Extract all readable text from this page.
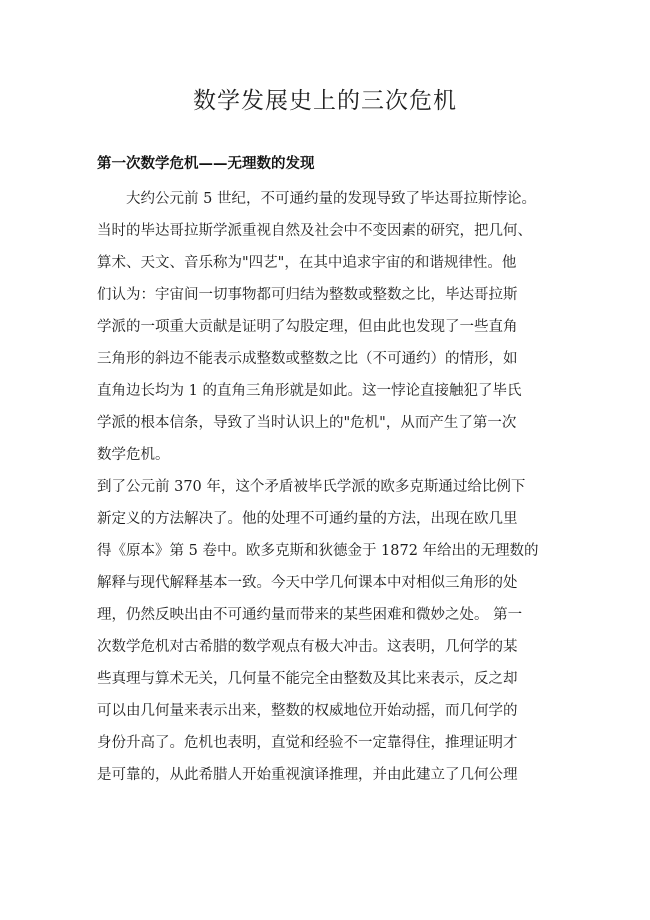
数学发展史上的三次危机
第一次数学危机——无理数的发现
大约公元前 5 世纪，不可通约量的发现导致了毕达哥拉斯悖论。
当时的毕达哥拉斯学派重视自然及社会中不变因素的研究，把几何、
算术、天文、音乐称为"四艺"，在其中追求宇宙的和谐规律性。他
们认为：宇宙间一切事物都可归结为整数或整数之比，毕达哥拉斯
学派的一项重大贡献是证明了勾股定理，但由此也发现了一些直角
三角形的斜边不能表示成整数或整数之比（不可通约）的情形，如
直角边长均为 1 的直角三角形就是如此。这一悖论直接触犯了毕氏
学派的根本信条，导致了当时认识上的"危机"，从而产生了第一次
数学危机。
到了公元前 370 年，这个矛盾被毕氏学派的欧多克斯通过给比例下
新定义的方法解决了。他的处理不可通约量的方法，出现在欧几里
得《原本》第 5 卷中。欧多克斯和狄德金于 1872 年给出的无理数的
解释与现代解释基本一致。今天中学几何课本中对相似三角形的处
理，仍然反映出由不可通约量而带来的某些困难和微妙之处。 第一
次数学危机对古希腊的数学观点有极大冲击。这表明，几何学的某
些真理与算术无关，几何量不能完全由整数及其比来表示，反之却
可以由几何量来表示出来，整数的权威地位开始动摇，而几何学的
身份升高了。危机也表明，直觉和经验不一定靠得住，推理证明才
是可靠的，从此希腊人开始重视演译推理，并由此建立了几何公理
